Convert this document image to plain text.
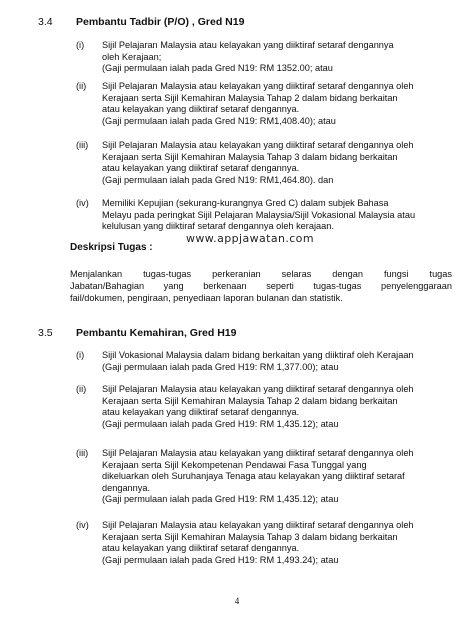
3.4 Pembantu Tadbir (P/O) , Gred N19
(i) Sijil Pelajaran Malaysia atau kelayakan yang diiktiraf setaraf dengannya
oleh Kerajaan;
(Gaji permulaan ialah pada Gred N19: RM 1352.00; atau
(ii) Sijil Pelajaran Malaysia atau kelayakan yang diiktiraf setaraf dengannya oleh
Kerajaan serta Sijil Kemahiran Malaysia Tahap 2 dalam bidang berkaitan
atau kelayakan yang diiktiraf setaraf dengannya.
(Gaji permulaan ialah pada Gred N19: RM1,408.40); atau
(iii) Sijil Pelajaran Malaysia atau kelayakan yang diiktiraf setaraf dengannya oleh
Kerajaan serta Sijil Kemahiran Malaysia Tahap 3 dalam bidang berkaitan
atau kelayakan yang diiktiraf setaraf dengannya.
(Gaji permulaan ialah pada Gred N19: RM1,464.80). dan
(iv) Memiliki Kepujian (sekurang-kurangnya Gred C) dalam subjek Bahasa
Melayu pada peringkat Sijil Pelajaran Malaysia/Sijil Vokasional Malaysia atau
kelulusan yang diiktiraf setaraf dengannya oleh kerajaan.
www.appjawatan.com
Deskripsi Tugas :
Menjalankan tugas-tugas perkeranian selaras dengan fungsi tugas
Jabatan/Bahagian yang berkenaan seperti tugas-tugas penyelenggaraan
fail/dokumen, pengiraan, penyediaan laporan bulanan dan statistik.
3.5 Pembantu Kemahiran, Gred H19
(i) Sijil Vokasional Malaysia dalam bidang berkaitan yang diiktiraf oleh Kerajaan
(Gaji permulaan ialah pada Gred H19: RM 1,377.00); atau
(ii) Sijil Pelajaran Malaysia atau kelayakan yang diiktiraf setaraf dengannya oleh
Kerajaan serta Sijil Kemahiran Malaysia Tahap 2 dalam bidang berkaitan
atau kelayakan yang diiktiraf setaraf dengannya.
(Gaji permulaan ialah pada Gred H19: RM 1,435.12); atau
(iii) Sijil Pelajaran Malaysia atau kelayakan yang diiktiraf setaraf dengannya oleh
Kerajaan serta Sijil Kekompetenan Pendawai Fasa Tunggal yang
dikeluarkan oleh Suruhanjaya Tenaga atau kelayakan yang diiktiraf setaraf
dengannya.
(Gaji permulaan ialah pada Gred H19: RM 1,435.12); atau
(iv) Sijil Pelajaran Malaysia atau kelayakan yang diiktiraf setaraf dengannya oleh
Kerajaan serta Sijil Kemahiran Malaysia Tahap 3 dalam bidang berkaitan
atau kelayakan yang diiktiraf setaraf dengannya.
(Gaji permulaan ialah pada Gred H19: RM 1,493.24); atau
4
